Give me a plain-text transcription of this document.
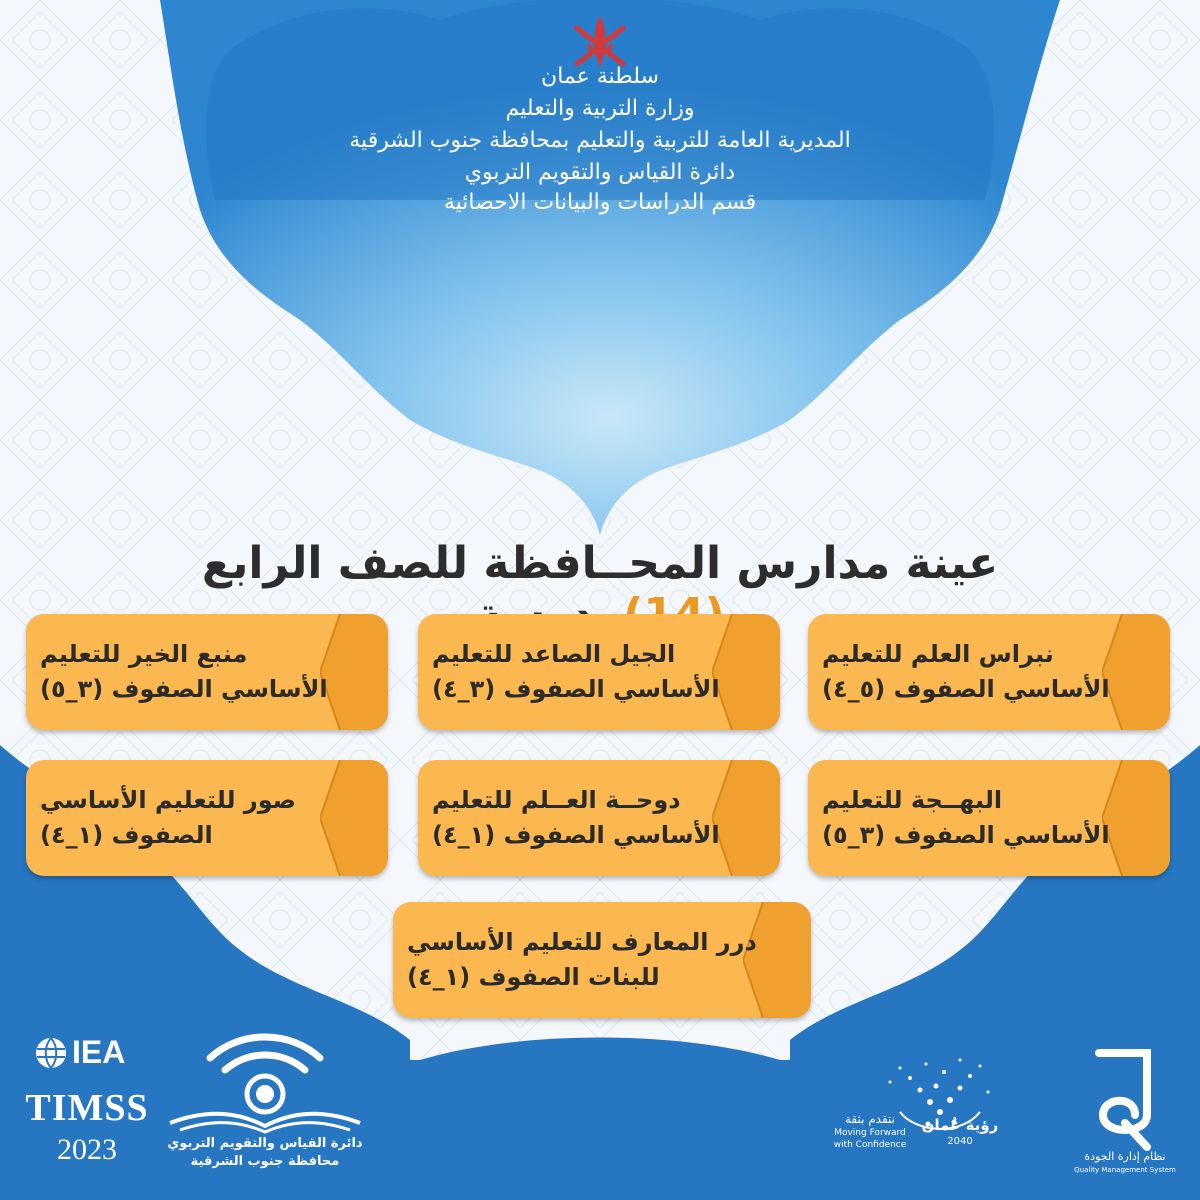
سلطنة عمان
وزارة التربية والتعليم
المديرية العامة للتربية والتعليم بمحافظة جنوب الشرقية
دائرة القياس والتقويم التربوي
قسم الدراسات والبيانات الاحصائية
عينة مدارس المحــافظة للصف الرابع
نبراس العلم للتعليم
الأساسي الصفوف (٥_٤)
الجيل الصاعد للتعليم
الأساسي الصفوف (٣_٤)
منبع الخير للتعليم
الأساسي الصفوف (٣_٥)
البهــجة للتعليم
الأساسي الصفوف (٣_٥)
دوحــة العــلم للتعليم
الأساسي الصفوف (١_٤)
صور للتعليم الأساسي
الصفوف (١_٤)
درر المعارف للتعليم الأساسي
للبنات الصفوف (١_٤)
IEA
TIMSS
2023	دائرة القياس والتقويم التربوي
محافظة جنوب الشرقية
رؤية عُمان
2040
نتقدم بثقة
Moving Forward
with Confidence
نظام إدارة الجودة
Quality Management System
